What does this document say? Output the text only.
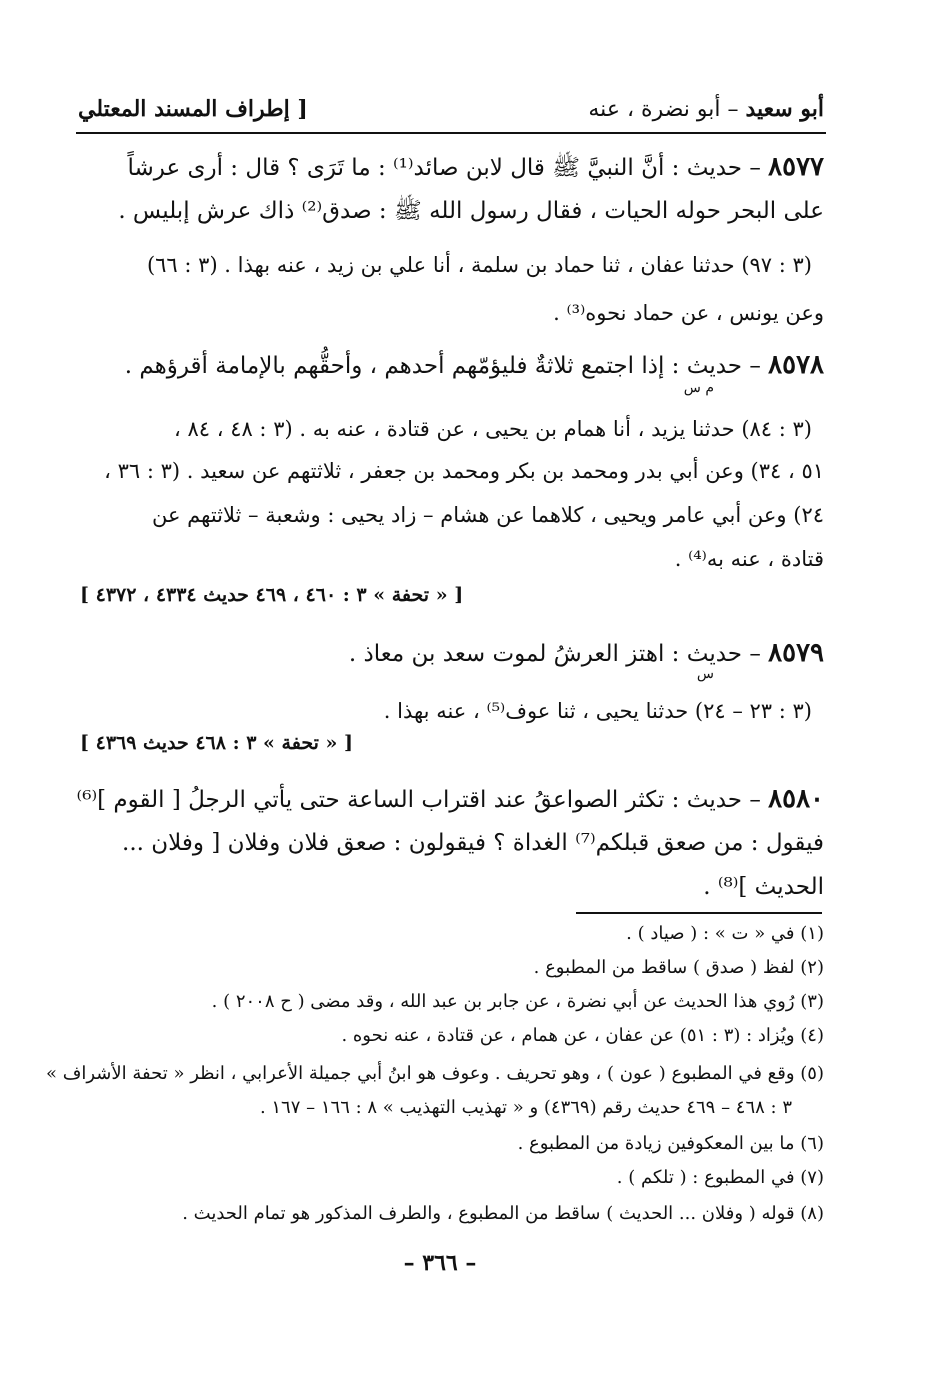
أبو سعيد – أبو نضرة ، عنه
[ إطراف المسند المعتلي
٨٥٧٧ – حديث : أنَّ النبيَّ ﷺ قال لابن صائد⁽¹⁾ : ما تَرَى ؟ قال : أرى عرشاً
على البحر حوله الحيات ، فقال رسول الله ﷺ : صدق⁽²⁾ ذاك عرش إبليس .
(٣ : ٩٧) حدثنا عفان ، ثنا حماد بن سلمة ، أنا علي بن زيد ، عنه بهذا . (٣ : ٦٦)
وعن يونس ، عن حماد نحوه⁽³⁾ .
٨٥٧٨ – حديث : إذا اجتمع ثلاثةٌ فليؤمّهم أحدهم ، وأحقُّهم بالإمامة أقرؤهم .
م س
(٣ : ٨٤) حدثنا يزيد ، أنا همام بن يحيى ، عن قتادة ، عنه به . (٣ : ٤٨ ، ٨٤ ،
٥١ ، ٣٤) وعن أبي بدر ومحمد بن بكر ومحمد بن جعفر ، ثلاثتهم عن سعيد . (٣ : ٣٦ ،
٢٤) وعن أبي عامر ويحيى ، كلاهما عن هشام – زاد يحيى : وشعبة – ثلاثتهم عن
قتادة ، عنه به⁽⁴⁾ .
[ « تحفة » ٣ : ٤٦٠ ، ٤٦٩ حديث ٤٣٣٤ ، ٤٣٧٢ ]
٨٥٧٩ – حديث : اهتز العرشُ لموت سعد بن معاذ .
س
(٣ : ٢٣ – ٢٤) حدثنا يحيى ، ثنا عوف⁽⁵⁾ ، عنه بهذا .
[ « تحفة » ٣ : ٤٦٨ حديث ٤٣٦٩ ]
٨٥٨٠ – حديث : تكثر الصواعقُ عند اقتراب الساعة حتى يأتي الرجلُ [ القوم ]⁽⁶⁾
فيقول : من صعق قبلكم⁽⁷⁾ الغداة ؟ فيقولون : صعق فلان وفلان [ وفلان ...
الحديث ]⁽⁸⁾ .
(١) في « ت » : ( صياد ) .
(٢) لفظ ( صدق ) ساقط من المطبوع .
(٣) رُوي هذا الحديث عن أبي نضرة ، عن جابر بن عبد الله ، وقد مضى ( ح ٢٠٠٨ ) .
(٤) ويُزاد : (٣ : ٥١) عن عفان ، عن همام ، عن قتادة ، عنه نحوه .
(٥) وقع في المطبوع ( عون ) ، وهو تحريف . وعوف هو ابنُ أبي جميلة الأعرابي ، انظر « تحفة الأشراف »
٣ : ٤٦٨ – ٤٦٩ حديث رقم (٤٣٦٩) و « تهذيب التهذيب » ٨ : ١٦٦ – ١٦٧ .
(٦) ما بين المعكوفين زيادة من المطبوع .
(٧) في المطبوع : ( تلكم ) .
(٨) قوله ( وفلان ... الحديث ) ساقط من المطبوع ، والطرف المذكور هو تمام الحديث .
– ٣٦٦ –
